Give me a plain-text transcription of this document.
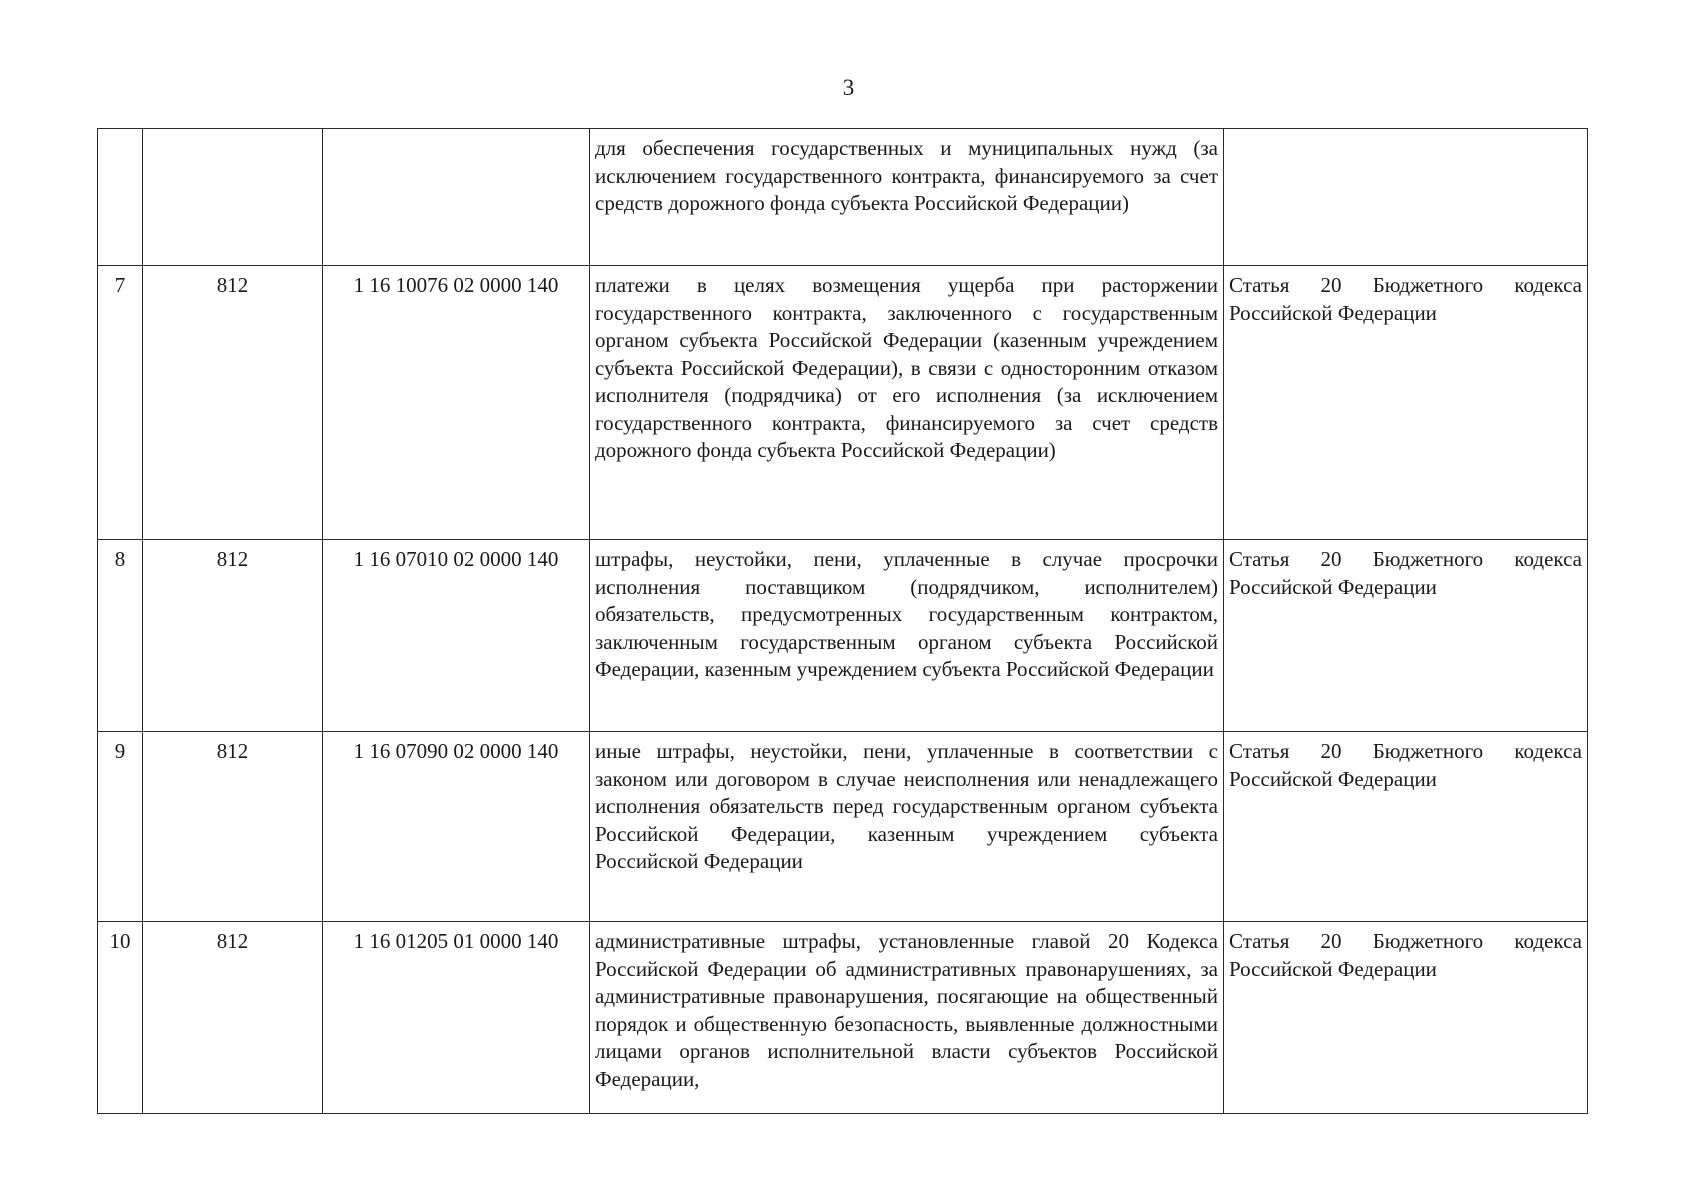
3

			для обеспечения государственных и муниципальных нужд (за исключением государственного контракта, финансируемого за счет средств дорожного фонда субъекта Российской Федерации)	

7	812	1 16 10076 02 0000 140	платежи в целях возмещения ущерба при расторжении государственного контракта, заключенного с государственным органом субъекта Российской Федерации (казенным учреждением субъекта Российской Федерации), в связи с односторонним отказом исполнителя (подрядчика) от его исполнения (за исключением государственного контракта, финансируемого за счет средств дорожного фонда субъекта Российской Федерации)	Статья 20 Бюджетного кодекса Российской Федерации

8	812	1 16 07010 02 0000 140	штрафы, неустойки, пени, уплаченные в случае просрочки исполнения поставщиком (подрядчиком, исполнителем) обязательств, предусмотренных государственным контрактом, заключенным государственным органом субъекта Российской Федерации, казенным учреждением субъекта Российской Федерации	Статья 20 Бюджетного кодекса Российской Федерации

9	812	1 16 07090 02 0000 140	иные штрафы, неустойки, пени, уплаченные в соответствии с законом или договором в случае неисполнения или ненадлежащего исполнения обязательств перед государственным органом субъекта Российской Федерации, казенным учреждением субъекта Российской Федерации	Статья 20 Бюджетного кодекса Российской Федерации

10	812	1 16 01205 01 0000 140	административные штрафы, установленные главой 20 Кодекса Российской Федерации об административных правонарушениях, за административные правонарушения, посягающие на общественный порядок и общественную безопасность, выявленные должностными лицами органов исполнительной власти субъектов Российской Федерации,	Статья 20 Бюджетного кодекса Российской Федерации
